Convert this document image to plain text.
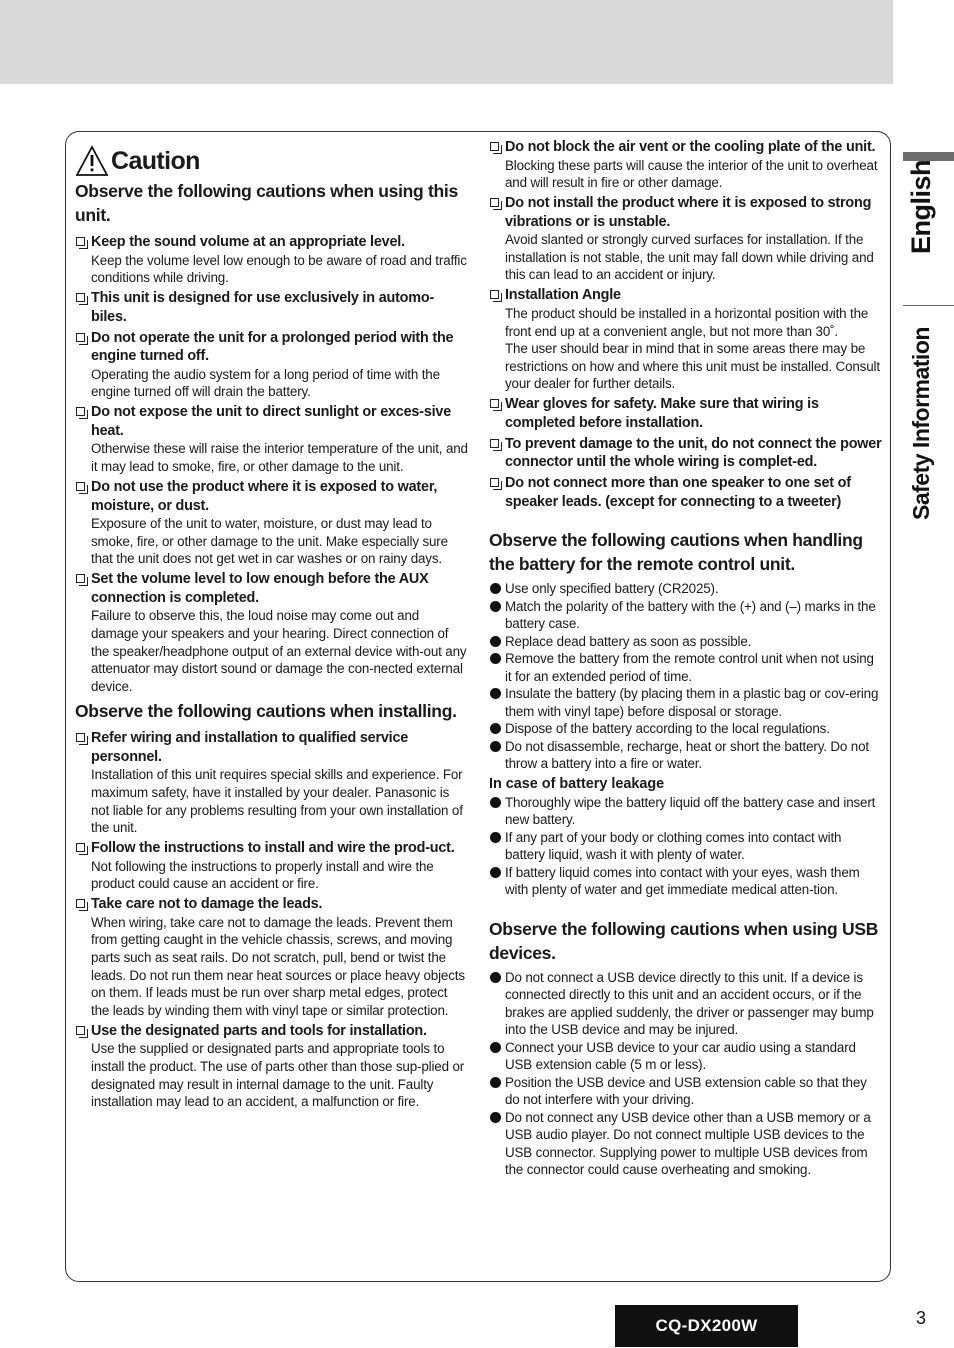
English
Safety Information
Caution
Observe the following cautions when using this unit.
Keep the sound volume at an appropriate level.

Keep the volume level low enough to be aware of road and traffic conditions while driving.

This unit is designed for use exclusively in automo-biles.
Do not operate the unit for a prolonged period with the engine turned off.

Operating the audio system for a long period of time with the engine turned off will drain the battery.

Do not expose the unit to direct sunlight or exces-sive heat.

Otherwise these will raise the interior temperature of the unit, and it may lead to smoke, fire, or other damage to the unit.

Do not use the product where it is exposed to water, moisture, or dust.

Exposure of the unit to water, moisture, or dust may lead to smoke, fire, or other damage to the unit. Make especially sure that the unit does not get wet in car washes or on rainy days.

Set the volume level to low enough before the AUX connection is completed.

Failure to observe this, the loud noise may come out and damage your speakers and your hearing. Direct connection of the speaker/headphone output of an external device with-out any attenuator may distort sound or damage the con-nected external device.

Observe the following cautions when installing.
Refer wiring and installation to qualified service personnel.

Installation of this unit requires special skills and experience. For maximum safety, have it installed by your dealer. Panasonic is not liable for any problems resulting from your own installation of the unit.

Follow the instructions to install and wire the prod-uct.

Not following the instructions to properly install and wire the product could cause an accident or fire.

Take care not to damage the leads.

When wiring, take care not to damage the leads. Prevent them from getting caught in the vehicle chassis, screws, and moving parts such as seat rails. Do not scratch, pull, bend or twist the leads. Do not run them near heat sources or place heavy objects on them. If leads must be run over sharp metal edges, protect the leads by winding them with vinyl tape or similar protection.

Use the designated parts and tools for installation.

Use the supplied or designated parts and appropriate tools to install the product. The use of parts other than those sup-plied or designated may result in internal damage to the unit. Faulty installation may lead to an accident, a malfunction or fire.

Do not block the air vent or the cooling plate of the unit.

Blocking these parts will cause the interior of the unit to overheat and will result in fire or other damage.

Do not install the product where it is exposed to strong vibrations or is unstable.

Avoid slanted or strongly curved surfaces for installation. If the installation is not stable, the unit may fall down while driving and this can lead to an accident or injury.

Installation Angle

The product should be installed in a horizontal position with the front end up at a convenient angle, but not more than 30˚.

The user should bear in mind that in some areas there may be restrictions on how and where this unit must be installed. Consult your dealer for further details.

Wear gloves for safety. Make sure that wiring is completed before installation.
To prevent damage to the unit, do not connect the power connector until the whole wiring is complet-ed.
Do not connect more than one speaker to one set of speaker leads. (except for connecting to a tweeter)
Observe the following cautions when handling the battery for the remote control unit.
Use only specified battery (CR2025).
Match the polarity of the battery with the (+) and (–) marks in the battery case.
Replace dead battery as soon as possible.
Remove the battery from the remote control unit when not using it for an extended period of time.
Insulate the battery (by placing them in a plastic bag or cov-ering them with vinyl tape) before disposal or storage.
Dispose of the battery according to the local regulations.
Do not disassemble, recharge, heat or short the battery. Do not throw a battery into a fire or water.
In case of battery leakage
Thoroughly wipe the battery liquid off the battery case and insert new battery.
If any part of your body or clothing comes into contact with battery liquid, wash it with plenty of water.
If battery liquid comes into contact with your eyes, wash them with plenty of water and get immediate medical atten-tion.
Observe the following cautions when using USB devices.
Do not connect a USB device directly to this unit. If a device is connected directly to this unit and an accident occurs, or if the brakes are applied suddenly, the driver or passenger may bump into the USB device and may be injured.
Connect your USB device to your car audio using a standard USB extension cable (5 m or less).
Position the USB device and USB extension cable so that they do not interfere with your driving.
Do not connect any USB device other than a USB memory or a USB audio player. Do not connect multiple USB devices to the USB connector. Supplying power to multiple USB devices from the connector could cause overheating and smoking.
CQ-DX200W	3
